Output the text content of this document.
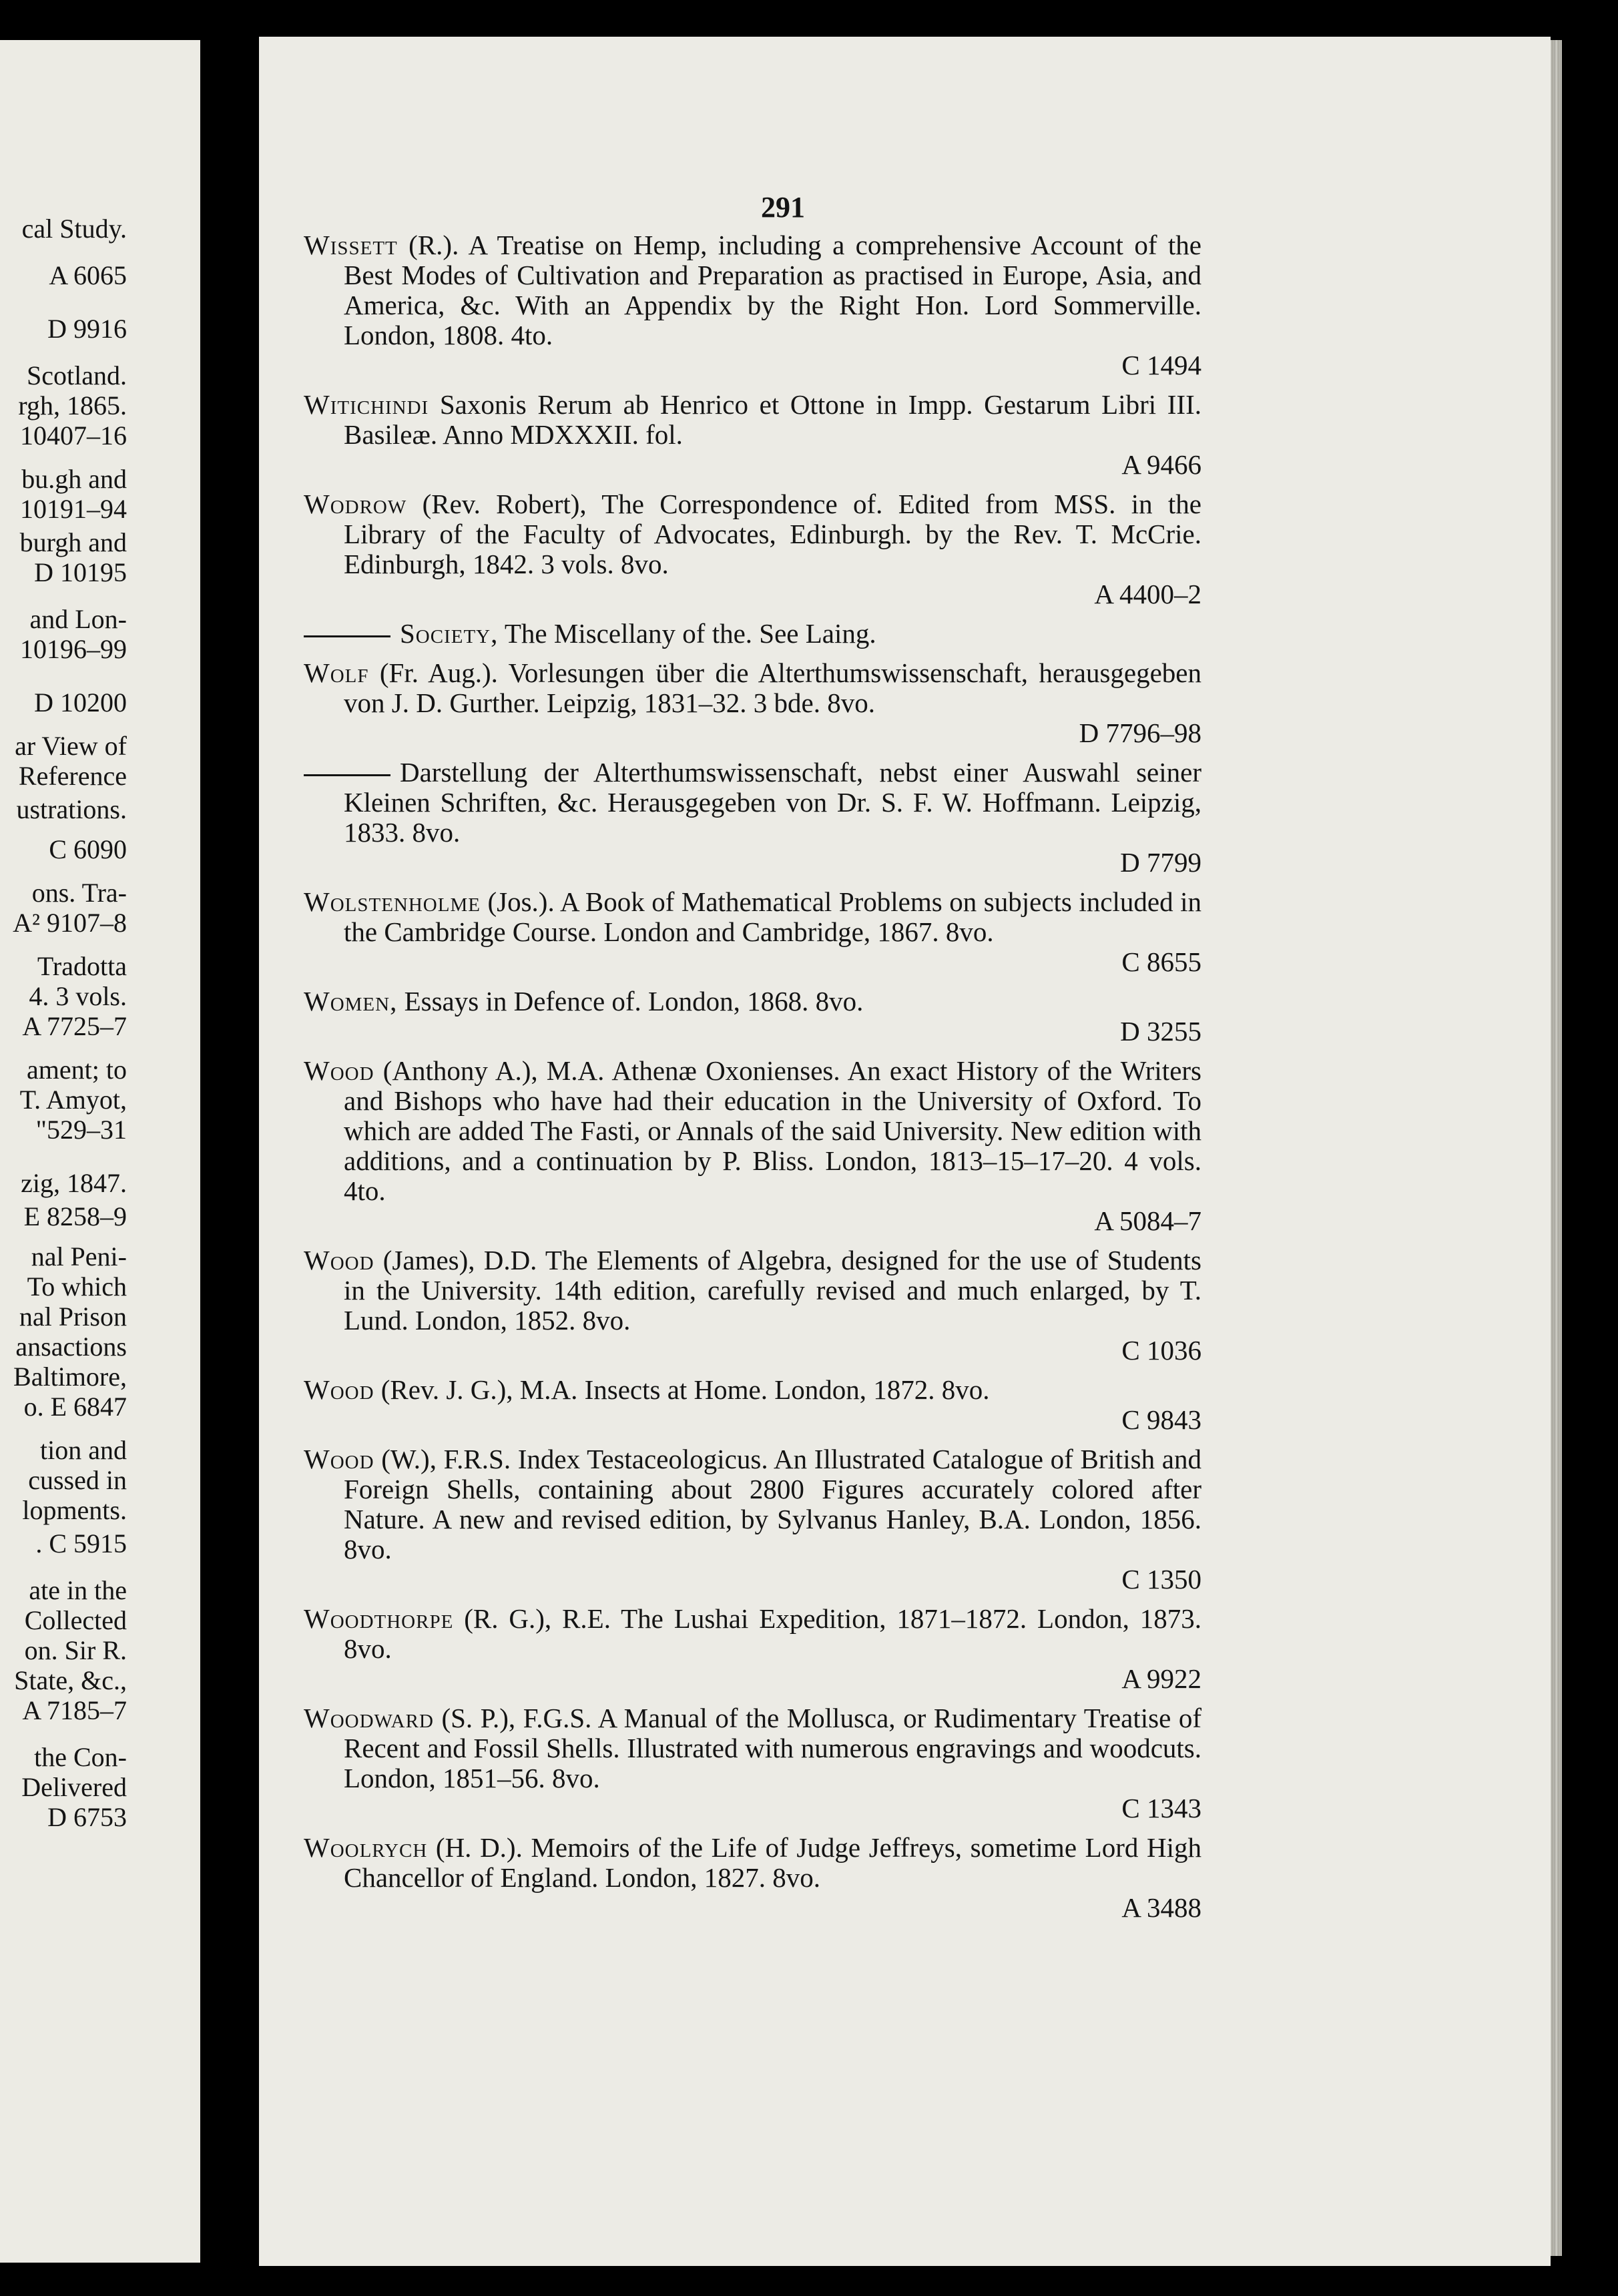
cal Study.
A 6065
D 9916
Scotland.
rgh, 1865.
10407–16
bu.gh and
10191–94
burgh and
D 10195
and Lon-
10196–99
D 10200
ar View of
Reference
ustrations.
C 6090
ons. Tra-
A² 9107–8
Tradotta
4. 3 vols.
A 7725–7
ament; to
T. Amyot,
"529–31
zig, 1847.
E 8258–9
nal Peni-
To which
nal Prison
ansactions
Baltimore,
o. E 6847
tion and
cussed in
lopments.
. C 5915
ate in the
Collected
on. Sir R.
State, &c.,
A 7185–7
the Con-
Delivered
D 6753
291
Wissett (R.). A Treatise on Hemp, including a comprehensive Account of the Best Modes of Cultivation and Preparation as practised in Europe, Asia, and America, &c. With an Appendix by the Right Hon. Lord Sommerville. London, 1808. 4to.
C 1494
Witichindi Saxonis Rerum ab Henrico et Ottone in Impp. Gestarum Libri III. Basileæ. Anno MDXXXII. fol.
A 9466
Wodrow (Rev. Robert), The Correspondence of. Edited from MSS. in the Library of the Faculty of Advocates, Edinburgh. by the Rev. T. McCrie. Edinburgh, 1842. 3 vols. 8vo.
A 4400–2
Society, The Miscellany of the. See Laing.
Wolf (Fr. Aug.). Vorlesungen über die Alterthumswissenschaft, herausgegeben von J. D. Gurther. Leipzig, 1831–32. 3 bde. 8vo.
D 7796–98
Darstellung der Alterthumswissenschaft, nebst einer Auswahl seiner Kleinen Schriften, &c. Herausgegeben von Dr. S. F. W. Hoffmann. Leipzig, 1833. 8vo.
D 7799
Wolstenholme (Jos.). A Book of Mathematical Problems on subjects included in the Cambridge Course. London and Cambridge, 1867. 8vo.
C 8655
Women, Essays in Defence of. London, 1868. 8vo.
D 3255
Wood (Anthony A.), M.A. Athenæ Oxonienses. An exact History of the Writers and Bishops who have had their education in the University of Oxford. To which are added The Fasti, or Annals of the said University. New edition with additions, and a continuation by P. Bliss. London, 1813–15–17–20. 4 vols. 4to.
A 5084–7
Wood (James), D.D. The Elements of Algebra, designed for the use of Students in the University. 14th edition, carefully revised and much enlarged, by T. Lund. London, 1852. 8vo.
C 1036
Wood (Rev. J. G.), M.A. Insects at Home. London, 1872. 8vo.
C 9843
Wood (W.), F.R.S. Index Testaceologicus. An Illustrated Catalogue of British and Foreign Shells, containing about 2800 Figures accurately colored after Nature. A new and revised edition, by Sylvanus Hanley, B.A. London, 1856. 8vo.
C 1350
Woodthorpe (R. G.), R.E. The Lushai Expedition, 1871–1872. London, 1873. 8vo.
A 9922
Woodward (S. P.), F.G.S. A Manual of the Mollusca, or Rudimentary Treatise of Recent and Fossil Shells. Illustrated with numerous engravings and woodcuts. London, 1851–56. 8vo.
C 1343
Woolrych (H. D.). Memoirs of the Life of Judge Jeffreys, sometime Lord High Chancellor of England. London, 1827. 8vo.
A 3488
